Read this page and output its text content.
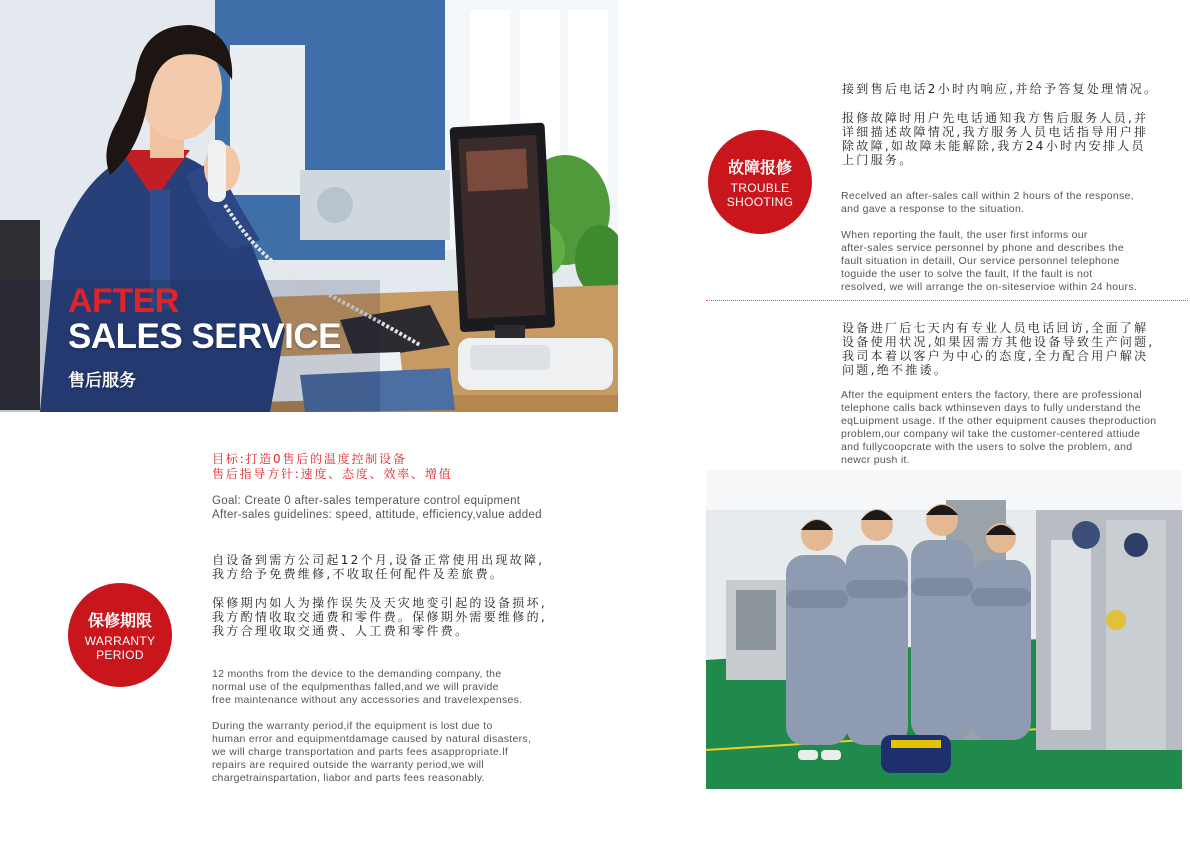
AFTER
SALES SERVICE
售后服务
故障报修
TROUBLE
SHOOTING
接到售后电话2小时内响应,并给予答复处理情况。
报修故障时用户先电话通知我方售后服务人员,并
详细描述故障情况,我方服务人员电话指导用户排
除故障,如故障未能解除,我方24小时内安排人员
上门服务。
Recelved an after-sales call within 2 hours of the response,
and gave a response to the situation.
When reporting the fault, the user first informs our
after-sales service personnel by phone and describes the
fault situation in detaill, Our service personnel telephone
toguide the user to solve the fault, If the fault is not
resolved, we will arrange the on-siteservioe within 24 hours.
设备进厂后七天内有专业人员电话回访,全面了解
设备使用状况,如果因需方其他设备导致生产问题,
我司本着以客户为中心的态度,全力配合用户解决
问题,绝不推诿。
After the equipment enters the factory, there are professional
telephone calls back wthinseven days to fully understand the
eqLuipment usage. If the other equipment causes theproduction
problem,our company wil take the customer-centered attiude
and fullycoopcrate with the users to solve the problem, and
newcr push it.
目标:打造0售后的温度控制设备
售后指导方针:速度、态度、效率、增值
Goal: Create 0 after-sales temperature control equipment
After-sales guidelines: speed, attitude, efficiency,value added
保修期限
WARRANTY
PERIOD
自设备到需方公司起12个月,设备正常使用出现故障,
我方给予免费维修,不收取任何配件及差旅费。
保修期内如人为操作误失及天灾地变引起的设备损坏,
我方酌情收取交通费和零件费。保修期外需要维修的,
我方合理收取交通费、人工费和零件费。
12 months from the device to the demanding company, the
normal use of the equlpmenthas falled,and we will pravide
free maintenance without any accessories and travelexpenses.
During the warranty period,if the equipment is lost due to
human error and equipmentdamage caused by natural disasters,
we will charge transportation and parts fees asappropriate.lf
repairs are required outside the warranty period,we will
chargetrainspartation, liabor and parts fees reasonably.
